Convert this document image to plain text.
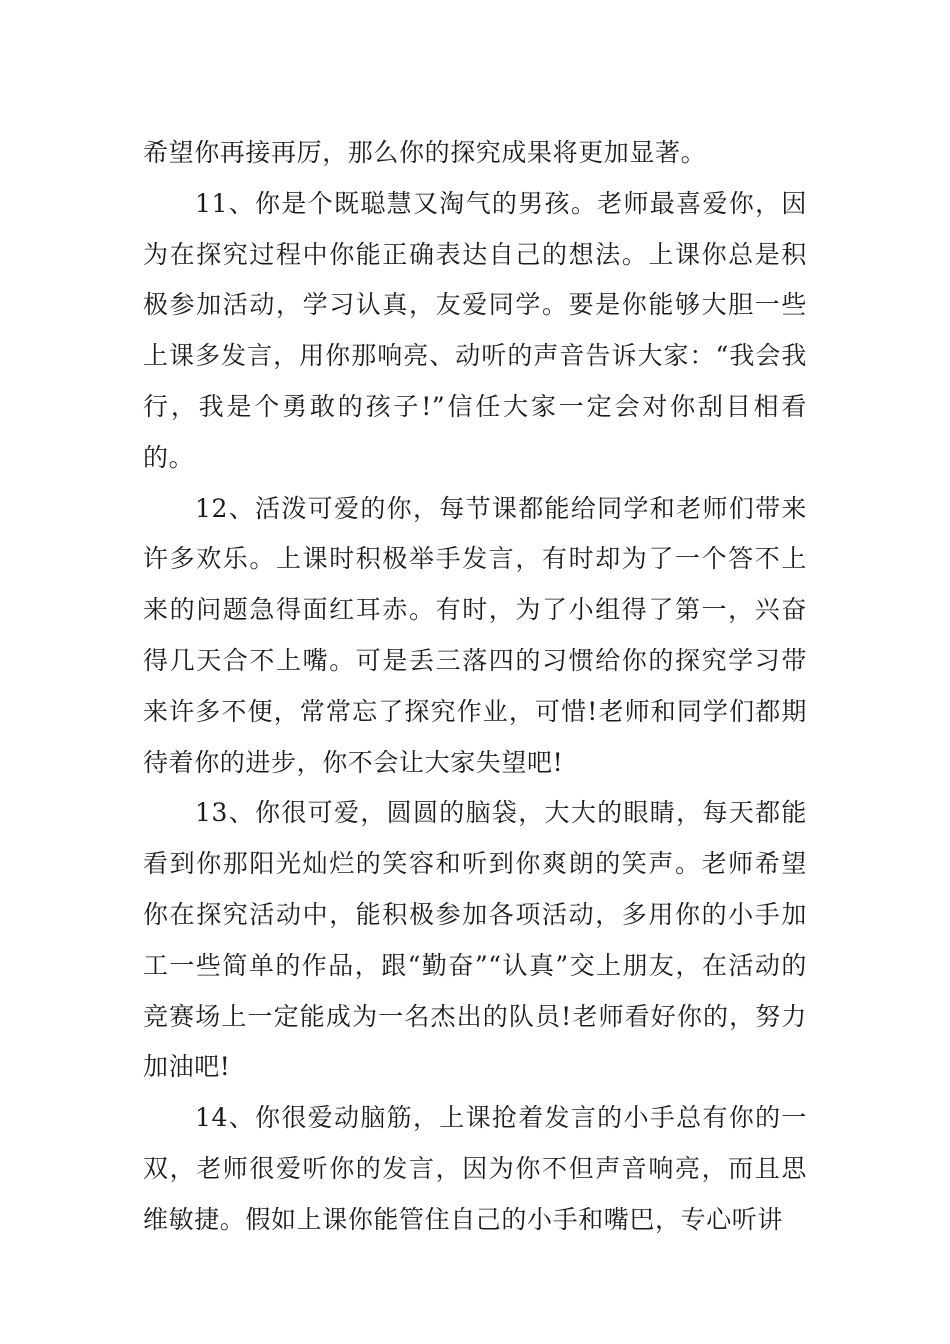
希望你再接再厉，那么你的探究成果将更加显著。

11、你是个既聪慧又淘气的男孩。老师最喜爱你，因为在探究过程中你能正确表达自己的想法。上课你总是积极参加活动，学习认真，友爱同学。要是你能够大胆一些上课多发言，用你那响亮、动听的声音告诉大家：“我会我行，我是个勇敢的孩子!”信任大家一定会对你刮目相看的。

12、活泼可爱的你，每节课都能给同学和老师们带来许多欢乐。上课时积极举手发言，有时却为了一个答不上来的问题急得面红耳赤。有时，为了小组得了第一，兴奋得几天合不上嘴。可是丢三落四的习惯给你的探究学习带来许多不便，常常忘了探究作业，可惜!老师和同学们都期待着你的进步，你不会让大家失望吧!

13、你很可爱，圆圆的脑袋，大大的眼睛，每天都能看到你那阳光灿烂的笑容和听到你爽朗的笑声。老师希望你在探究活动中，能积极参加各项活动，多用你的小手加工一些简单的作品，跟“勤奋”“认真”交上朋友，在活动的竞赛场上一定能成为一名杰出的队员!老师看好你的，努力加油吧!

14、你很爱动脑筋，上课抢着发言的小手总有你的一双，老师很爱听你的发言，因为你不但声音响亮，而且思维敏捷。假如上课你能管住自己的小手和嘴巴，专心听讲
